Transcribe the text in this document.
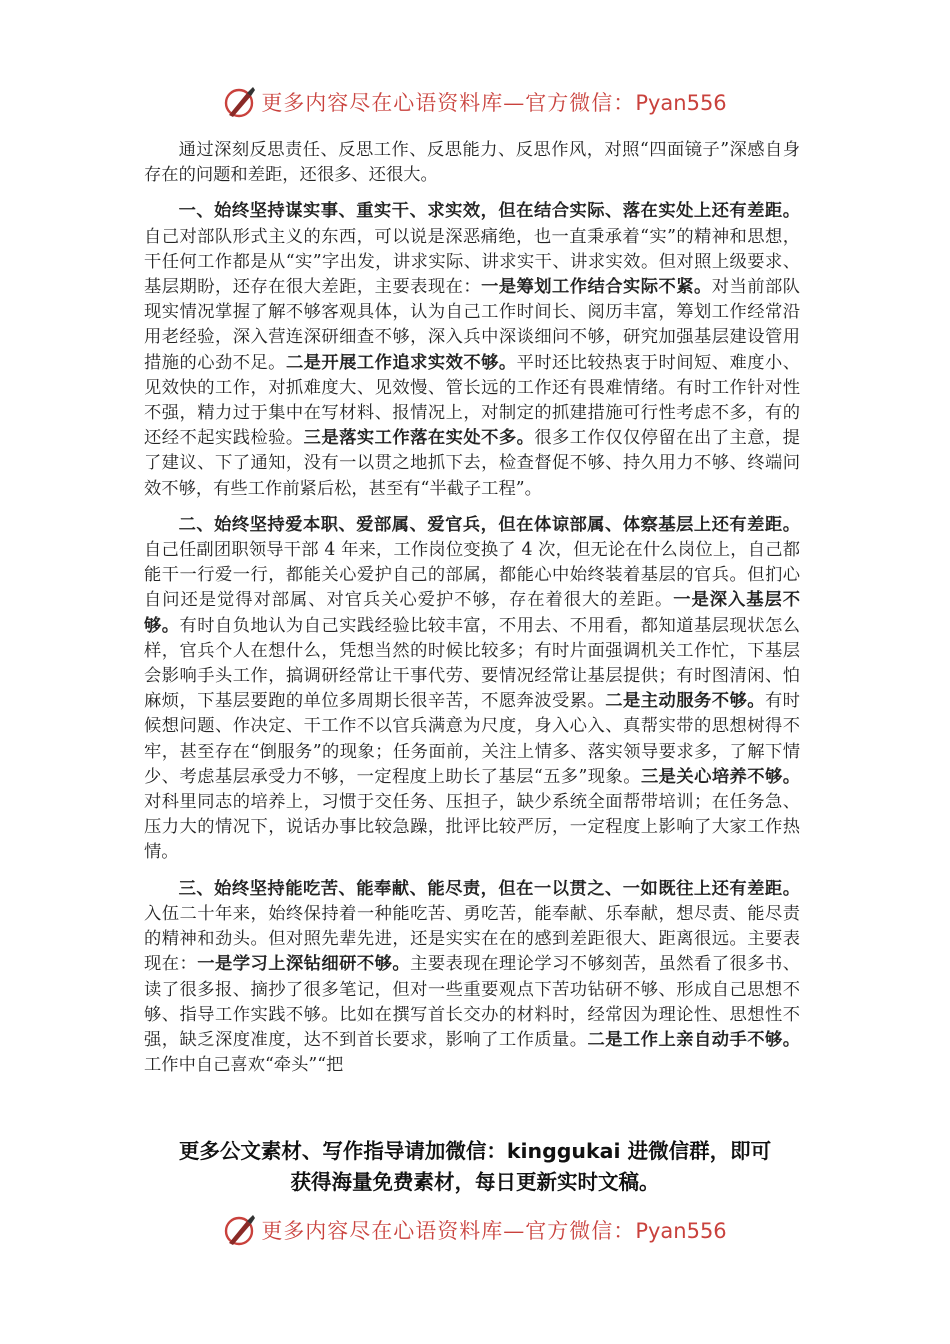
更多内容尽在心语资料库—官方微信：Pyan556

通过深刻反思责任、反思工作、反思能力、反思作风，对照“四面镜子”深感自身存在的问题和差距，还很多、还很大。

一、始终坚持谋实事、重实干、求实效，但在结合实际、落在实处上还有差距。自己对部队形式主义的东西，可以说是深恶痛绝，也一直秉承着“实”的精神和思想，干任何工作都是从“实”字出发，讲求实际、讲求实干、讲求实效。但对照上级要求、基层期盼，还存在很大差距，主要表现在：一是筹划工作结合实际不紧。对当前部队现实情况掌握了解不够客观具体，认为自己工作时间长、阅历丰富，筹划工作经常沿用老经验，深入营连深研细查不够，深入兵中深谈细问不够，研究加强基层建设管用措施的心劲不足。二是开展工作追求实效不够。平时还比较热衷于时间短、难度小、见效快的工作，对抓难度大、见效慢、管长远的工作还有畏难情绪。有时工作针对性不强，精力过于集中在写材料、报情况上，对制定的抓建措施可行性考虑不多，有的还经不起实践检验。三是落实工作落在实处不多。很多工作仅仅停留在出了主意，提了建议、下了通知，没有一以贯之地抓下去，检查督促不够、持久用力不够、终端问效不够，有些工作前紧后松，甚至有“半截子工程”。

二、始终坚持爱本职、爱部属、爱官兵，但在体谅部属、体察基层上还有差距。自己任副团职领导干部 4 年来，工作岗位变换了 4 次，但无论在什么岗位上，自己都能干一行爱一行，都能关心爱护自己的部属，都能心中始终装着基层的官兵。但扪心自问还是觉得对部属、对官兵关心爱护不够，存在着很大的差距。一是深入基层不够。有时自负地认为自己实践经验比较丰富，不用去、不用看，都知道基层现状怎么样，官兵个人在想什么，凭想当然的时候比较多；有时片面强调机关工作忙，下基层会影响手头工作，搞调研经常让干事代劳、要情况经常让基层提供；有时图清闲、怕麻烦，下基层要跑的单位多周期长很辛苦，不愿奔波受累。二是主动服务不够。有时候想问题、作决定、干工作不以官兵满意为尺度，身入心入、真帮实带的思想树得不牢，甚至存在“倒服务”的现象；任务面前，关注上情多、落实领导要求多，了解下情少、考虑基层承受力不够，一定程度上助长了基层“五多”现象。三是关心培养不够。对科里同志的培养上，习惯于交任务、压担子，缺少系统全面帮带培训；在任务急、压力大的情况下，说话办事比较急躁，批评比较严厉，一定程度上影响了大家工作热情。

三、始终坚持能吃苦、能奉献、能尽责，但在一以贯之、一如既往上还有差距。入伍二十年来，始终保持着一种能吃苦、勇吃苦，能奉献、乐奉献，想尽责、能尽责的精神和劲头。但对照先辈先进，还是实实在在的感到差距很大、距离很远。主要表现在：一是学习上深钻细研不够。主要表现在理论学习不够刻苦，虽然看了很多书、读了很多报、摘抄了很多笔记，但对一些重要观点下苦功钻研不够、形成自己思想不够、指导工作实践不够。比如在撰写首长交办的材料时，经常因为理论性、思想性不强，缺乏深度准度，达不到首长要求，影响了工作质量。二是工作上亲自动手不够。工作中自己喜欢“牵头”“把

更多公文素材、写作指导请加微信：kinggukai 进微信群，即可
获得海量免费素材，每日更新实时文稿。
更多内容尽在心语资料库—官方微信：Pyan556
